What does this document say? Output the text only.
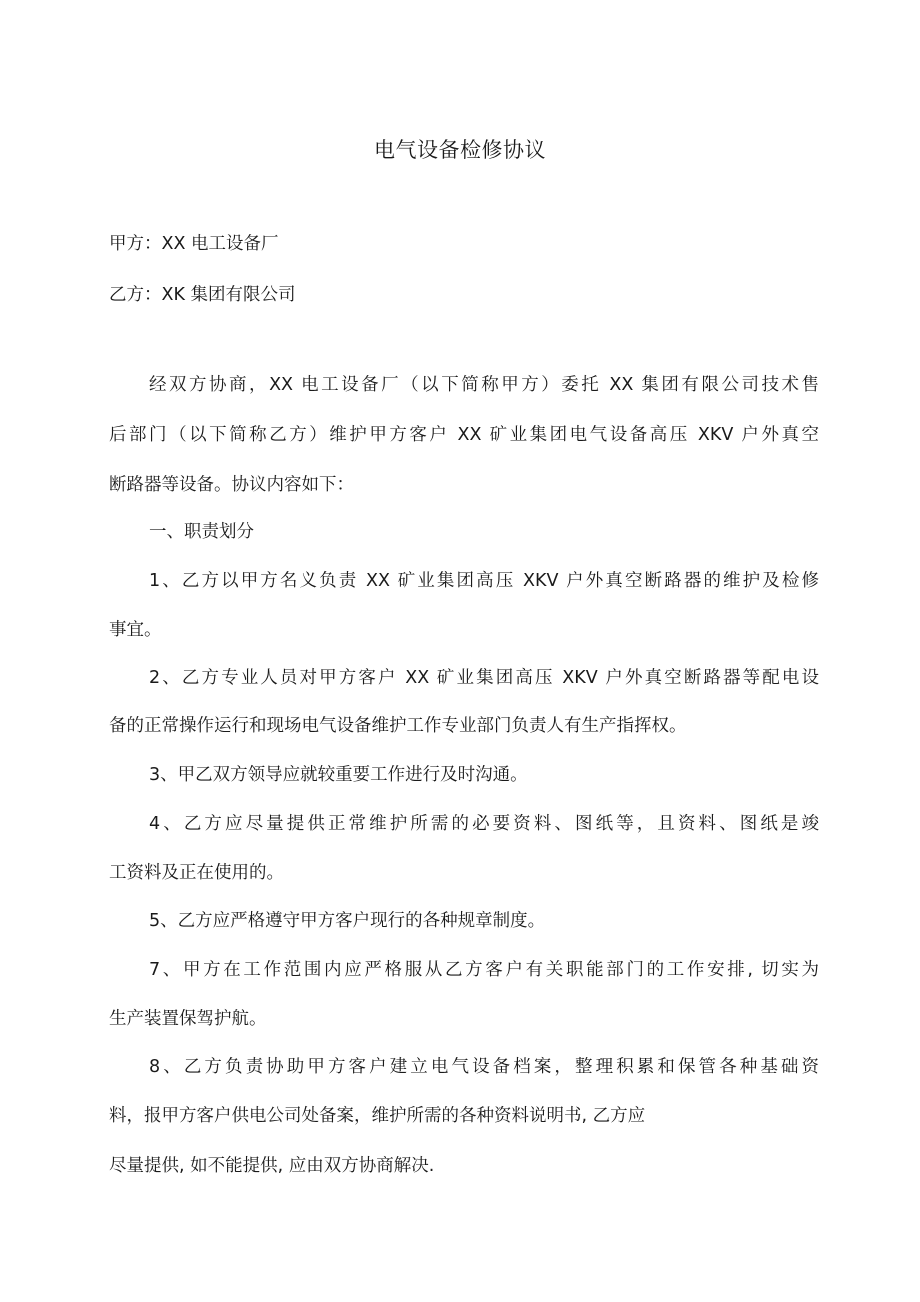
电气设备检修协议
甲方：XX 电工设备厂
乙方：XK 集团有限公司
经双方协商，XX 电工设备厂（以下简称甲方）委托 XX 集团有限公司技术售
后部门（以下简称乙方）维护甲方客户 XX 矿业集团电气设备高压 XKV 户外真空
断路器等设备。协议内容如下：
一、职责划分
1、乙方以甲方名义负责 XX 矿业集团高压 XKV 户外真空断路器的维护及检修
事宜。
2、乙方专业人员对甲方客户 XX 矿业集团高压 XKV 户外真空断路器等配电设
备的正常操作运行和现场电气设备维护工作专业部门负责人有生产指挥权。
3、甲乙双方领导应就较重要工作进行及时沟通。
4、乙方应尽量提供正常维护所需的必要资料、图纸等，且资料、图纸是竣
工资料及正在使用的。
5、乙方应严格遵守甲方客户现行的各种规章制度。
7、甲方在工作范围内应严格服从乙方客户有关职能部门的工作安排, 切实为
生产装置保驾护航。
8、乙方负责协助甲方客户建立电气设备档案，整理积累和保管各种基础资
料，报甲方客户供电公司处备案，维护所需的各种资料说明书, 乙方应
尽量提供, 如不能提供, 应由双方协商解决.
